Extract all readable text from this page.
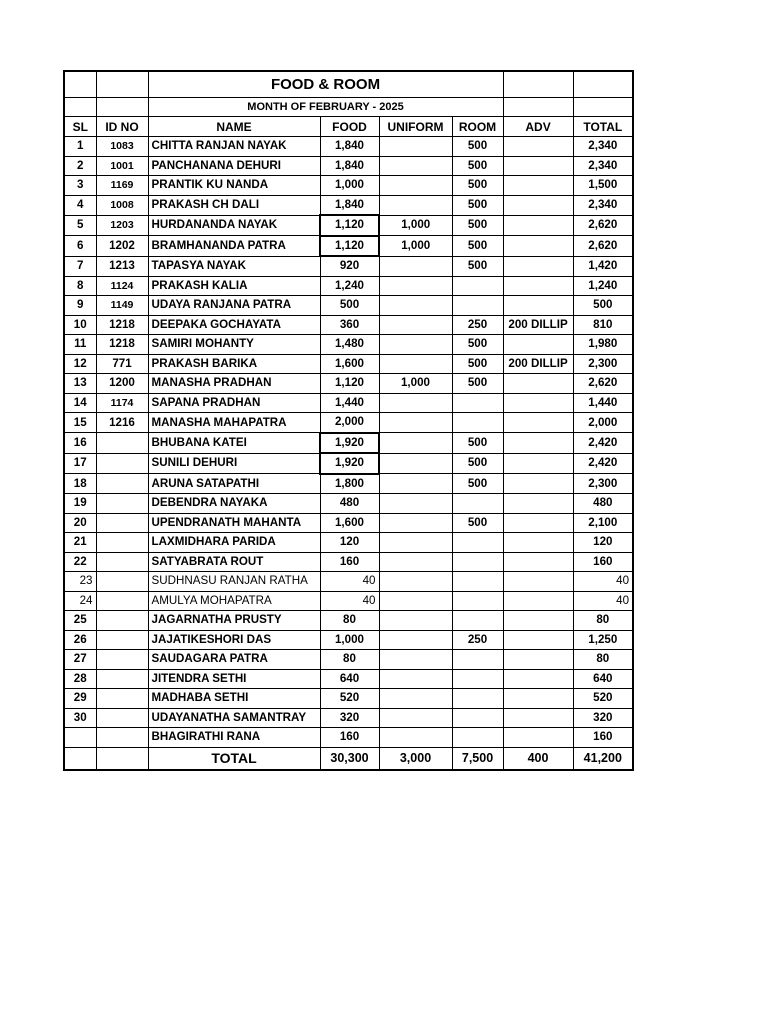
		FOOD & ROOM					
		MONTH OF FEBRUARY - 2025					
SL	ID NO	NAME	FOOD	UNIFORM	ROOM	ADV	TOTAL
1	1083	CHITTA RANJAN NAYAK	1,840		500		2,340
2	1001	PANCHANANA DEHURI	1,840		500		2,340
3	1169	PRANTIK KU NANDA	1,000		500		1,500
4	1008	PRAKASH CH DALI	1,840		500		2,340
5	1203	HURDANANDA NAYAK	1,120	1,000	500		2,620
6	1202	BRAMHANANDA PATRA	1,120	1,000	500		2,620
7	1213	TAPASYA NAYAK	920		500		1,420
8	1124	PRAKASH KALIA	1,240				1,240
9	1149	UDAYA RANJANA PATRA	500				500
10	1218	DEEPAKA GOCHAYATA	360		250	200 DILLIP	810
11	1218	SAMIRI MOHANTY	1,480		500		1,980
12	771	PRAKASH BARIKA	1,600		500	200 DILLIP	2,300
13	1200	MANASHA PRADHAN	1,120	1,000	500		2,620
14	1174	SAPANA PRADHAN	1,440				1,440
15	1216	MANASHA MAHAPATRA	2,000				2,000
16		BHUBANA KATEI	1,920		500		2,420
17		SUNILI DEHURI	1,920		500		2,420
18		ARUNA SATAPATHI	1,800		500		2,300
19		DEBENDRA NAYAKA	480				480
20		UPENDRANATH MAHANTA	1,600		500		2,100
21		LAXMIDHARA PARIDA	120				120
22		SATYABRATA ROUT	160				160
23		SUDHNASU RANJAN RATHA	40				40
24		AMULYA MOHAPATRA	40				40
25		JAGARNATHA PRUSTY	80				80
26		JAJATIKESHORI DAS	1,000		250		1,250
27		SAUDAGARA PATRA	80				80
28		JITENDRA SETHI	640				640
29		MADHABA SETHI	520				520
30		UDAYANATHA SAMANTRAY	320				320
		BHAGIRATHI RANA	160				160
		TOTAL	30,300	3,000	7,500	400	41,200
